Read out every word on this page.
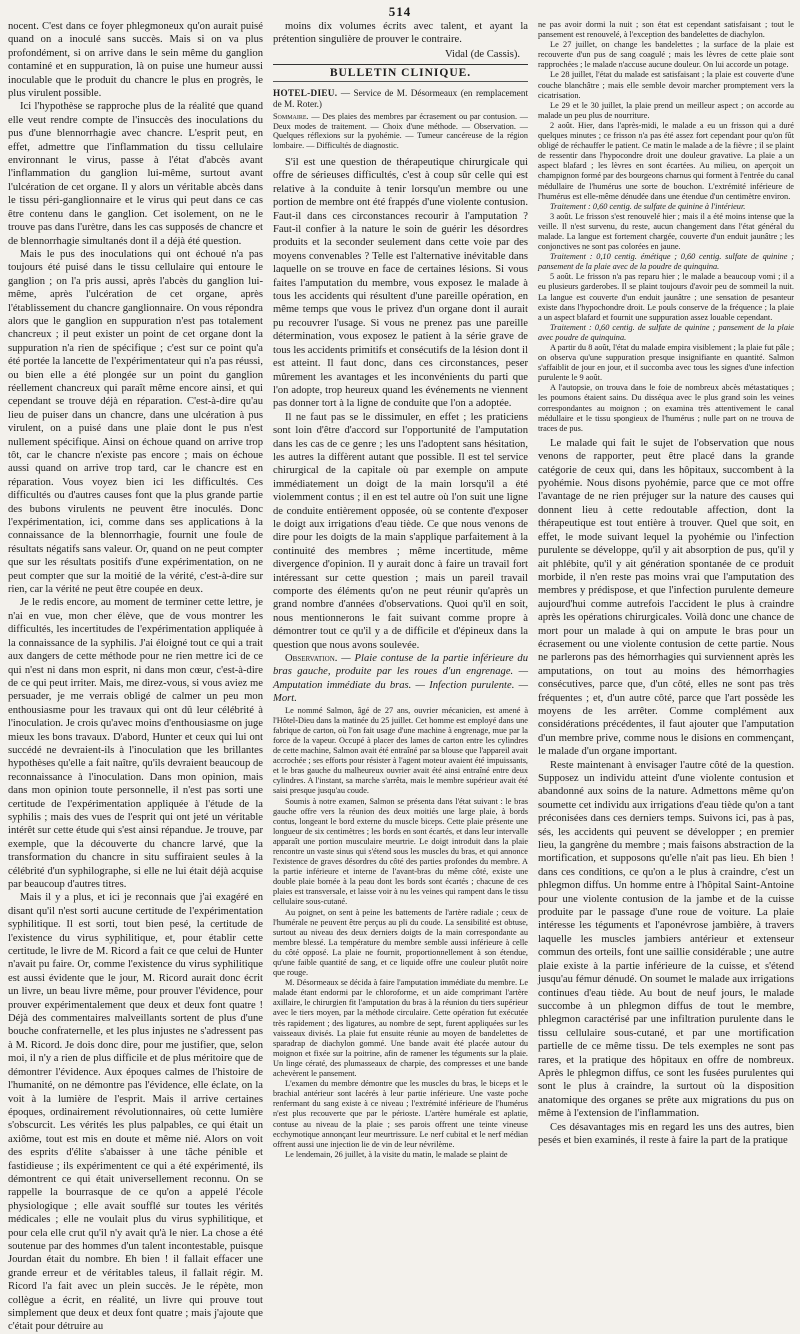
514

nocent. C'est dans ce foyer phlegmoneux qu'on aurait puisé quand on a inoculé sans succès. Mais si on va plus profondément, si on arrive dans le sein même du ganglion contaminé et en suppuration, là on puise une humeur aussi inoculable que le produit du chancre le plus en progrès, le plus virulent possible.

Ici l'hypothèse se rapproche plus de la réalité que quand elle veut rendre compte de l'insuccès des inoculations du pus d'une blennorrhagie avec chancre. L'esprit peut, en effet, admettre que l'inflammation du tissu cellulaire environnant le virus, passe à l'état d'abcès avant l'inflammation du ganglion lui-même, surtout avant l'ulcération de cet organe. Il y alors un véritable abcès dans le tissu péri-ganglionnaire et le virus qui peut dans ce cas être contenu dans le ganglion. Cet isolement, on ne le trouve pas dans l'urètre, dans les cas supposés de chancre et de blennorrhagie simultanés dont il a déjà été question.

Mais le pus des inoculations qui ont échoué n'a pas toujours été puisé dans le tissu cellulaire qui entoure le ganglion ; on l'a pris aussi, après l'abcès du ganglion lui-même, après l'ulcération de cet organe, après l'établissement du chancre ganglionnaire. On vous répondra alors que le ganglion en suppuration n'est pas totalement chancreux ; il peut exister un point de cet organe dont la suppuration n'a rien de spécifique ; c'est sur ce point qu'a été portée la lancette de l'expérimentateur qui n'a pas réussi, ou bien elle a été plongée sur un point du ganglion réellement chancreux qui paraît même encore ainsi, et qui cependant se trouve déjà en réparation. C'est-à-dire qu'au lieu de puiser dans un chancre, dans une ulcération à pus virulent, on a puisé dans une plaie dont le pus n'est nullement spécifique. Ainsi on échoue quand on arrive trop tôt, car le chancre n'existe pas encore ; mais on échoue aussi quand on arrive trop tard, car le chancre est en réparation. Vous voyez bien ici les difficultés. Ces difficultés ou d'autres causes font que la plus grande partie des bubons virulents ne peuvent être inoculés. Donc l'expérimentation, ici, comme dans ses applications à la connaissance de la blennorrhagie, fournit une foule de résultats négatifs sans valeur. Or, quand on ne peut compter que sur les résultats positifs d'une expérimentation, on ne peut compter que sur la moitié de la vérité, c'est-à-dire sur rien, car la vérité ne peut être coupée en deux.

Je le redis encore, au moment de terminer cette lettre, je n'ai en vue, mon cher élève, que de vous montrer les difficultés, les incertitudes de l'expérimentation appliquée à la connaissance de la syphilis. J'ai éloigné tout ce qui a trait aux dangers de cette méthode pour ne rien mettre ici de ce qui n'est ni dans mon esprit, ni dans mon cœur, c'est-à-dire de ce qui peut irriter. Mais, me direz-vous, si vous aviez me persuader, je me verrais obligé de calmer un peu mon enthousiasme pour les travaux qui ont dû leur célébrité à l'inoculation. Je crois qu'avec moins d'enthousiasme on juge mieux les bons travaux. D'abord, Hunter et ceux qui lui ont succédé ne devraient-ils à l'inoculation que les brillantes hypothèses qu'elle a fait naître, qu'ils devraient beaucoup de reconnaissance à l'inoculation. Dans mon opinion, mais dans mon opinion toute personnelle, il n'est pas sorti une certitude de l'expérimentation appliquée à l'étude de la syphilis ; mais des vues de l'esprit qui ont jeté un véritable intérêt sur cette étude qui s'est ainsi répandue. Je trouve, par exemple, que la découverte du chancre larvé, que la transformation du chancre in situ suffiraient seules à la célébrité d'un syphilographe, si elle ne lui était déjà acquise par beaucoup d'autres titres.

Mais il y a plus, et ici je reconnais que j'ai exagéré en disant qu'il n'est sorti aucune certitude de l'expérimentation syphilitique. Il est sorti, tout bien pesé, la certitude de l'existence du virus syphilitique, et, pour établir cette certitude, le livre de M. Ricord a fait ce que celui de Hunter n'avait pu faire. Or, comme l'existence du virus syphilitique est aussi évidente que le jour, M. Ricord aurait donc écrit un livre, un beau livre même, pour prouver l'évidence, pour prouver expérimentalement que deux et deux font quatre ! Déjà des commentaires malveillants sortent de plus d'une bouche confraternelle, et les plus injustes ne s'adressent pas à M. Ricord. Je dois donc dire, pour me justifier, que, selon moi, il n'y a rien de plus difficile et de plus méritoire que de démontrer l'évidence. Aux époques calmes de l'histoire de l'humanité, on ne démontre pas l'évidence, elle éclate, on la voit à la lumière de l'esprit. Mais il arrive certaines époques, ordinairement révolutionnaires, où cette lumière s'obscurcit. Les vérités les plus palpables, ce qui était un axiôme, tout est mis en doute et même nié. Alors on voit des esprits d'élite s'abaisser à une tâche pénible et fastidieuse ; ils expérimentent ce qui a été expérimenté, ils démontrent ce qui était universellement reconnu. On se rappelle la bourrasque de ce qu'on a appelé l'école physiologique ; elle avait soufflé sur toutes les vérités médicales ; elle ne voulait plus du virus syphilitique, et pour cela elle crut qu'il n'y avait qu'à le nier. La chose a été soutenue par des hommes d'un talent incontestable, puisque Jourdan était du nombre. Eh bien ! il fallait effacer une grande erreur et de véritables taleus, il fallait régir. M. Ricord l'a fait avec un plein succès. Je le répète, mon collègue a écrit, en réalité, un livre qui prouve tout simplement que deux et deux font quatre ; mais j'ajoute que c'était pour détruire au

moins dix volumes écrits avec talent, et ayant la prétention singulière de prouver le contraire.

Vidal (de Cassis).
BULLETIN CLINIQUE.

HOTEL-DIEU. — Service de M. Désormeaux (en remplacement de M. Roter.)

Sommaire. — Des plaies des membres par écrasement ou par contusion. — Deux modes de traitement. — Choix d'une méthode. — Observation. — Quelques réflexions sur la pyohémie. — Tumeur cancéreuse de la région lombaire. — Difficultés de diagnostic.

S'il est une question de thérapeutique chirurgicale qui offre de sérieuses difficultés, c'est à coup sûr celle qui est relative à la conduite à tenir lorsqu'un membre ou une portion de membre ont été frappés d'une violente contusion. Faut-il dans ces circonstances recourir à l'amputation ? Faut-il confier à la nature le soin de guérir les désordres produits et la seconder seulement dans cette voie par des moyens convenables ? Telle est l'alternative inévitable dans laquelle on se trouve en face de certaines lésions. Si vous faites l'amputation du membre, vous exposez le malade à tous les accidents qui résultent d'une pareille opération, en même temps que vous le privez d'un organe dont il aurait pu recouvrer l'usage. Si vous ne prenez pas une pareille détermination, vous exposez le patient à la série grave de tous les accidents primitifs et consécutifs de la lésion dont il est atteint. Il faut donc, dans ces circonstances, peser mûrement les avantages et les inconvénients du parti que l'on adopte, trop heureux quand les événements ne viennent pas donner tort à la ligne de conduite que l'on a adoptée.

Il ne faut pas se le dissimuler, en effet ; les praticiens sont loin d'être d'accord sur l'opportunité de l'amputation dans les cas de ce genre ; les uns l'adoptent sans hésitation, les autres la diffèrent autant que possible. Il est tel service chirurgical de la capitale où par exemple on ampute immédiatement un doigt de la main lorsqu'il a été violemment contus ; il en est tel autre où l'on suit une ligne de conduite entièrement opposée, où se contente d'exposer le doigt aux irrigations d'eau tiède. Ce que nous venons de dire pour les doigts de la main s'applique parfaitement à la continuité des membres ; même incertitude, même divergence d'opinion. Il y aurait donc à faire un travail fort intéressant sur cette question ; mais un pareil travail comporte des éléments qu'on ne peut réunir qu'après un grand nombre d'années d'observations. Quoi qu'il en soit, nous mentionnerons le fait suivant comme propre à démontrer tout ce qu'il y a de difficile et d'épineux dans la question que nous avons soulevée.

Observation. — Plaie contuse de la partie inférieure du bras gauche, produite par les roues d'un engrenage. — Amputation immédiate du bras. — Infection purulente. — Mort.

Le nommé Salmon, âgé de 27 ans, ouvrier mécanicien, est amené à l'Hôtel-Dieu dans la matinée du 25 juillet. Cet homme est employé dans une fabrique de carton, où l'on fait usage d'une machine à engrenage, mue par la force de la vapeur. Occupé à placer des lames de carton entre les cylindres de cette machine, Salmon avait été entraîné par sa blouse que l'appareil avait accrochée ; ses efforts pour résister à l'agent moteur avaient été impuissants, et le bras gauche du malheureux ouvrier avait été ainsi entraîné entre deux cylindres. A l'instant, sa marche s'arrêta, mais le membre supérieur avait été saisi presque jusqu'au coude.

Soumis à notre examen, Salmon se présenta dans l'état suivant : le bras gauche offre vers la réunion des deux moitiés une large plaie, à bords contus, longeant le bord externe du muscle biceps. Cette plaie présente une longueur de six centimètres ; les bords en sont écartés, et dans leur intervalle apparaît une portion musculaire meurtrie. Le doigt introduit dans la plaie rencontre un vaste sinus qui s'étend sous les muscles du bras, et qui annonce l'existence de graves désordres du côté des parties profondes du membre. A la partie inférieure et interne de l'avant-bras du même côté, existe une double plaie bornée à la peau dont les bords sont écartés ; chacune de ces plaies est transversale, et laisse voir à nu les veines qui rampent dans le tissu cellulaire sous-cutané.

Au poignet, on sent à peine les battements de l'artère radiale ; ceux de l'humérale ne peuvent être perçus au pli du coude. La sensibilité est obtuse, surtout au niveau des deux derniers doigts de la main correspondante au membre blessé. La température du membre semble aussi inférieure à celle du côté opposé. La plaie ne fournit, proportionnellement à son étendue, qu'une faible quantité de sang, et ce liquide offre une couleur plutôt noire que rouge.

M. Désormeaux se décida à faire l'amputation immédiate du membre. Le malade étant endormi par le chloroforme, et un aide comprimant l'artère axillaire, le chirurgien fit l'amputation du bras à la réunion du tiers supérieur avec le tiers moyen, par la méthode circulaire. Cette opération fut exécutée très rapidement ; des ligatures, au nombre de sept, furent appliquées sur les vaisseaux divisés. La plaie fut ensuite réunie au moyen de bandelettes de sparadrap de diachylon gommé. Une bande avait été placée autour du moignon et fixée sur la poitrine, afin de ramener les téguments sur la plaie. Un linge cératé, des plumasseaux de charpie, des compresses et une bande achevèrent le pansement.

L'examen du membre démontre que les muscles du bras, le biceps et le brachial antérieur sont lacérés à leur partie inférieure. Une vaste poche renfermant du sang existe à ce niveau ; l'extrémité inférieure de l'humérus n'est plus recouverte que par le périoste. L'artère humérale est aplatie, contuse au niveau de la plaie ; ses parois offrent une teinte vineuse ecchymotique annonçant leur meurtrissure. Le nerf cubital et le nerf médian offrent aussi une injection lie de vin de leur névrilème.

Le lendemain, 26 juillet, à la visite du matin, le malade se plaint de

ne pas avoir dormi la nuit ; son état est cependant satisfaisant ; tout le pansement est renouvelé, à l'exception des bandelettes de diachylon.

Le 27 juillet, on change les bandelettes ; la surface de la plaie est recouverte d'un pus de sang coagulé ; mais les lèvres de cette plaie sont rapprochées ; le malade n'accuse aucune douleur. On lui accorde un potage.

Le 28 juillet, l'état du malade est satisfaisant ; la plaie est couverte d'une couche blanchâtre ; mais elle semble devoir marcher promptement vers la cicatrisation.

Le 29 et le 30 juillet, la plaie prend un meilleur aspect ; on accorde au malade un peu plus de nourriture.

2 août. Hier, dans l'après-midi, le malade a eu un frisson qui a duré quelques minutes ; ce frisson n'a pas été assez fort cependant pour qu'on fût obligé de réchauffer le patient. Ce matin le malade a de la fièvre ; il se plaint de ressentir dans l'hypocondre droit une douleur gravative. La plaie a un aspect blafard ; les lèvres en sont écartées. Au milieu, on aperçoit un champignon formé par des bourgeons charnus qui forment à l'entrée du canal médullaire de l'humérus une sorte de bouchon. L'extrémité inférieure de l'humérus est elle-même dénudée dans une étendue d'un centimètre environ.

Traitement : 0,60 centig. de sulfate de quinine à l'intérieur.

3 août. Le frisson s'est renouvelé hier ; mais il a été moins intense que la veille. Il n'est survenu, du reste, aucun changement dans l'état général du malade. La langue est fortement chargée, couverte d'un enduit jaunâtre ; les conjonctives ne sont pas colorées en jaune.

Traitement : 0,10 centig. émétique ; 0,60 centig. sulfate de quinine ; pansement de la plaie avec de la poudre de quinquina.

5 août. Le frisson n'a pas reparu hier ; le malade a beaucoup vomi ; il a eu plusieurs garderobes. Il se plaint toujours d'avoir peu de sommeil la nuit. La langue est couverte d'un enduit jaunâtre ; une sensation de pesanteur existe dans l'hypochondre droit. Le pouls conserve de la fréquence ; la plaie a un aspect blafard et fournit une suppuration assez louable cependant.

Traitement : 0,60 centig. de sulfate de quinine ; pansement de la plaie avec poudre de quinquina.

A partir du 8 août, l'état du malade empira visiblement ; la plaie fut pâle ; on observa qu'une suppuration presque insignifiante en quantité. Salmon s'affaiblit de jour en jour, et il succomba avec tous les signes d'une infection purulente le 9 août.

A l'autopsie, on trouva dans le foie de nombreux abcès métastatiques ; les poumons étaient sains. Du disséqua avec le plus grand soin les veines correspondantes au moignon ; on examina très attentivement le canal médullaire et le tissu spongieux de l'humérus ; nulle part on ne trouva de traces de pus.

Le malade qui fait le sujet de l'observation que nous venons de rapporter, peut être placé dans la grande catégorie de ceux qui, dans les hôpitaux, succombent à la pyohémie. Nous disons pyohémie, parce que ce mot offre l'avantage de ne rien préjuger sur la nature des causes qui donnent lieu à cette redoutable affection, dont la thérapeutique est tout entière à trouver. Quel que soit, en effet, le mode suivant lequel la pyohémie ou l'infection purulente se développe, qu'il y ait absorption de pus, qu'il y ait phlébite, qu'il y ait génération spontanée de ce produit morbide, il n'en reste pas moins vrai que l'amputation des membres y prédispose, et que l'infection purulente demeure aujourd'hui comme autrefois l'accident le plus à craindre après les opérations chirurgicales. Voilà donc une chance de mort pour un malade à qui on ampute le bras pour un écrasement ou une violente contusion de cette partie. Nous ne parlerons pas des hémorrhagies qui surviennent après les amputations, on tout au moins des hémorrhagies consécutives, parce que, d'un côté, elles ne sont pas très fréquentes ; et, d'un autre côté, parce que l'art possède les moyens de les arrêter. Comme complément aux considérations précédentes, il faut ajouter que l'amputation d'un membre prive, comme nous le disions en commençant, le malade d'un organe important.

Reste maintenant à envisager l'autre côté de la question. Supposez un individu atteint d'une violente contusion et abandonné aux soins de la nature. Admettons même qu'on soumette cet individu aux irrigations d'eau tiède qu'on a tant préconisées dans ces derniers temps. Suivons ici, pas à pas, sés, les accidents qui peuvent se développer ; en premier lieu, la gangrène du membre ; mais faisons abstraction de la mortification, et supposons qu'elle n'ait pas lieu. Eh bien ! dans ces conditions, ce qu'on a le plus à craindre, c'est un phlegmon diffus. Un homme entre à l'hôpital Saint-Antoine pour une violente contusion de la jambe et de la cuisse produite par le passage d'une roue de voiture. La plaie intéresse les téguments et l'aponévrose jambière, à travers laquelle les muscles jambiers antérieur et extenseur commun des orteils, font une saillie considérable ; une autre plaie existe à la partie inférieure de la cuisse, et s'étend jusqu'au fémur dénudé. On soumet le malade aux irrigations continues d'eau tiède. Au bout de neuf jours, le malade succombe à un phlegmon diffus de tout le membre, phlegmon caractérisé par une infiltration purulente dans le tissu cellulaire sous-cutané, et par une mortification partielle de ce même tissu. De tels exemples ne sont pas rares, et la pratique des hôpitaux en offre de nombreux. Après le phlegmon diffus, ce sont les fusées purulentes qui sont le plus à craindre, la surtout où la disposition anatomique des organes se prête aux migrations du pus on même à l'extension de l'inflammation.

Ces désavantages mis en regard les uns des autres, bien pesés et bien examinés, il reste à faire la part de la pratique
